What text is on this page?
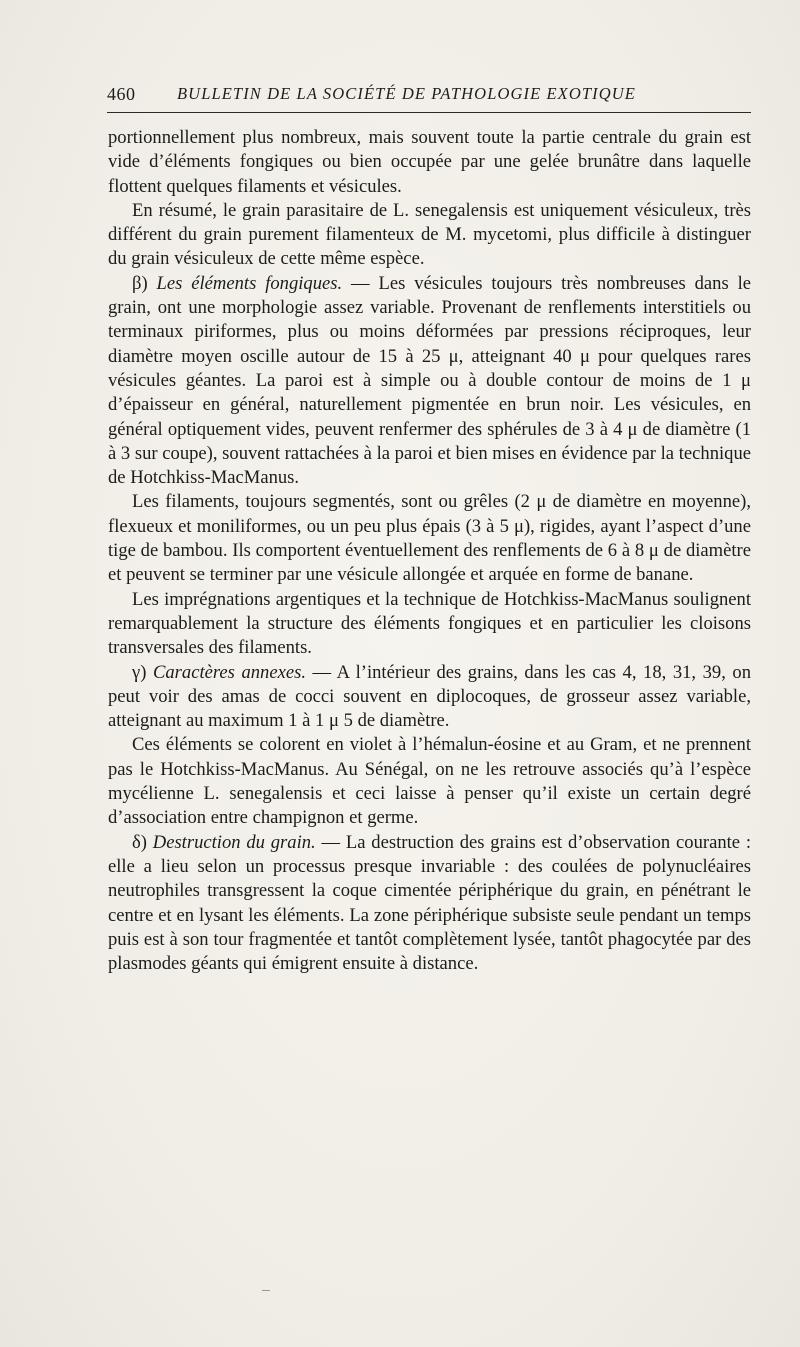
460	BULLETIN DE LA SOCIÉTÉ DE PATHOLOGIE EXOTIQUE

portionnellement plus nombreux, mais souvent toute la partie centrale du grain est vide d’éléments fongiques ou bien occupée par une gelée brunâtre dans laquelle flottent quelques filaments et vésicules.

En résumé, le grain parasitaire de L. senegalensis est uniquement vésiculeux, très différent du grain purement filamenteux de M. mycetomi, plus difficile à distinguer du grain vésiculeux de cette même espèce.

β) Les éléments fongiques. — Les vésicules toujours très nombreuses dans le grain, ont une morphologie assez variable. Provenant de renflements interstitiels ou terminaux piriformes, plus ou moins déformées par pressions réciproques, leur diamètre moyen oscille autour de 15 à 25 μ, atteignant 40 μ pour quelques rares vésicules géantes. La paroi est à simple ou à double contour de moins de 1 μ d’épaisseur en général, naturellement pigmentée en brun noir. Les vésicules, en général optiquement vides, peuvent renfermer des sphérules de 3 à 4 μ de diamètre (1 à 3 sur coupe), souvent rattachées à la paroi et bien mises en évidence par la technique de Hotchkiss-MacManus.

Les filaments, toujours segmentés, sont ou grêles (2 μ de diamètre en moyenne), flexueux et moniliformes, ou un peu plus épais (3 à 5 μ), rigides, ayant l’aspect d’une tige de bambou. Ils comportent éventuellement des renflements de 6 à 8 μ de diamètre et peuvent se terminer par une vésicule allongée et arquée en forme de banane.

Les imprégnations argentiques et la technique de Hotchkiss-MacManus soulignent remarquablement la structure des éléments fongiques et en particulier les cloisons transversales des filaments.

γ) Caractères annexes. — A l’intérieur des grains, dans les cas 4, 18, 31, 39, on peut voir des amas de cocci souvent en diplocoques, de grosseur assez variable, atteignant au maximum 1 à 1 μ 5 de diamètre.

Ces éléments se colorent en violet à l’hémalun-éosine et au Gram, et ne prennent pas le Hotchkiss-MacManus. Au Sénégal, on ne les retrouve associés qu’à l’espèce mycélienne L. senegalensis et ceci laisse à penser qu’il existe un certain degré d’association entre champignon et germe.

δ) Destruction du grain. — La destruction des grains est d’observation courante : elle a lieu selon un processus presque invariable : des coulées de polynucléaires neutrophiles transgressent la coque cimentée périphérique du grain, en pénétrant le centre et en lysant les éléments. La zone périphérique subsiste seule pendant un temps puis est à son tour fragmentée et tantôt complètement lysée, tantôt phagocytée par des plasmodes géants qui émigrent ensuite à distance.
